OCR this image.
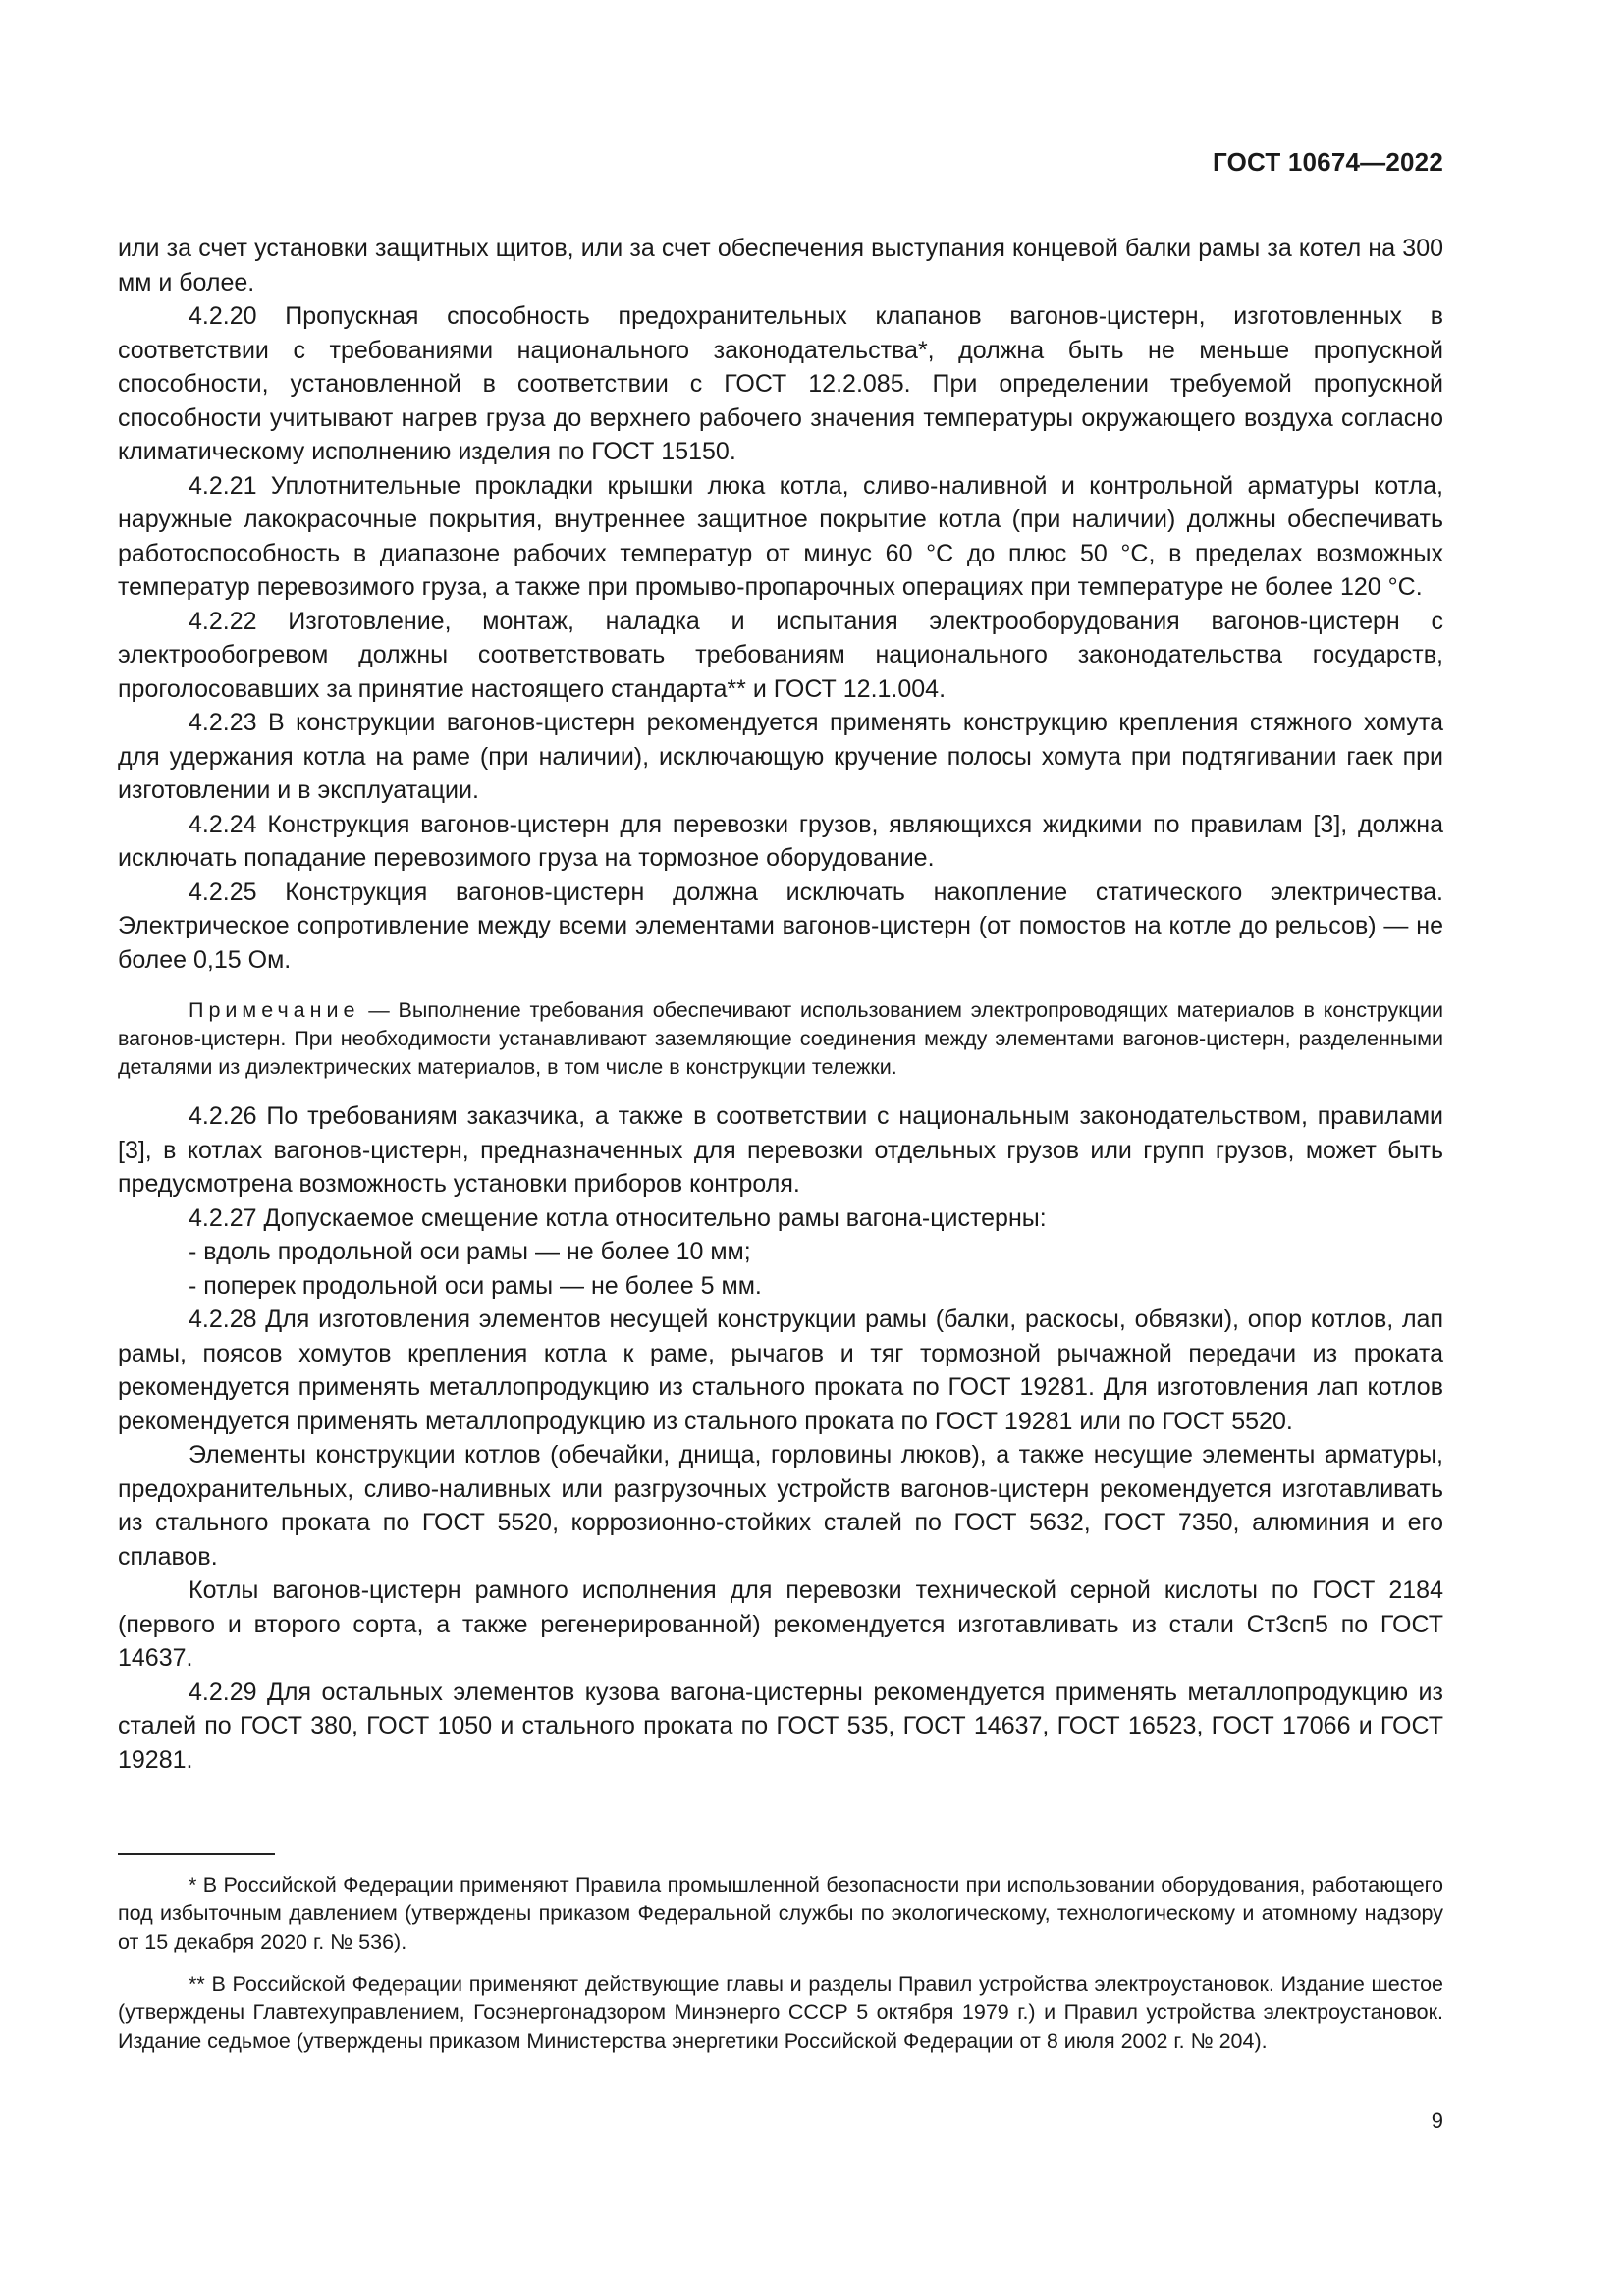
ГОСТ 10674—2022

или за счет установки защитных щитов, или за счет обеспечения выступания концевой балки рамы за котел на 300 мм и более.

4.2.20 Пропускная способность предохранительных клапанов вагонов-цистерн, изготовленных в соответствии с требованиями национального законодательства*, должна быть не меньше пропускной способности, установленной в соответствии с ГОСТ 12.2.085. При определении требуемой пропускной способности учитывают нагрев груза до верхнего рабочего значения температуры окружающего воздуха согласно климатическому исполнению изделия по ГОСТ 15150.

4.2.21 Уплотнительные прокладки крышки люка котла, сливо-наливной и контрольной арматуры котла, наружные лакокрасочные покрытия, внутреннее защитное покрытие котла (при наличии) должны обеспечивать работоспособность в диапазоне рабочих температур от минус 60 °С до плюс 50 °С, в пределах возможных температур перевозимого груза, а также при промыво-пропарочных операциях при температуре не более 120 °С.

4.2.22 Изготовление, монтаж, наладка и испытания электрооборудования вагонов-цистерн с электрообогревом должны соответствовать требованиям национального законодательства государств, проголосовавших за принятие настоящего стандарта** и ГОСТ 12.1.004.

4.2.23 В конструкции вагонов-цистерн рекомендуется применять конструкцию крепления стяжного хомута для удержания котла на раме (при наличии), исключающую кручение полосы хомута при подтягивании гаек при изготовлении и в эксплуатации.

4.2.24 Конструкция вагонов-цистерн для перевозки грузов, являющихся жидкими по правилам [3], должна исключать попадание перевозимого груза на тормозное оборудование.

4.2.25 Конструкция вагонов-цистерн должна исключать накопление статического электричества. Электрическое сопротивление между всеми элементами вагонов-цистерн (от помостов на котле до рельсов) — не более 0,15 Ом.

Примечание — Выполнение требования обеспечивают использованием электропроводящих материалов в конструкции вагонов-цистерн. При необходимости устанавливают заземляющие соединения между элементами вагонов-цистерн, разделенными деталями из диэлектрических материалов, в том числе в конструкции тележки.

4.2.26 По требованиям заказчика, а также в соответствии с национальным законодательством, правилами [3], в котлах вагонов-цистерн, предназначенных для перевозки отдельных грузов или групп грузов, может быть предусмотрена возможность установки приборов контроля.

4.2.27 Допускаемое смещение котла относительно рамы вагона-цистерны:

- вдоль продольной оси рамы — не более 10 мм;

- поперек продольной оси рамы — не более 5 мм.

4.2.28 Для изготовления элементов несущей конструкции рамы (балки, раскосы, обвязки), опор котлов, лап рамы, поясов хомутов крепления котла к раме, рычагов и тяг тормозной рычажной передачи из проката рекомендуется применять металлопродукцию из стального проката по ГОСТ 19281. Для изготовления лап котлов рекомендуется применять металлопродукцию из стального проката по ГОСТ 19281 или по ГОСТ 5520.

Элементы конструкции котлов (обечайки, днища, горловины люков), а также несущие элементы арматуры, предохранительных, сливо-наливных или разгрузочных устройств вагонов-цистерн рекомендуется изготавливать из стального проката по ГОСТ 5520, коррозионно-стойких сталей по ГОСТ 5632, ГОСТ 7350, алюминия и его сплавов.

Котлы вагонов-цистерн рамного исполнения для перевозки технической серной кислоты по ГОСТ 2184 (первого и второго сорта, а также регенерированной) рекомендуется изготавливать из стали Ст3сп5 по ГОСТ 14637.

4.2.29 Для остальных элементов кузова вагона-цистерны рекомендуется применять металлопродукцию из сталей по ГОСТ 380, ГОСТ 1050 и стального проката по ГОСТ 535, ГОСТ 14637, ГОСТ 16523, ГОСТ 17066 и ГОСТ 19281.

* В Российской Федерации применяют Правила промышленной безопасности при использовании оборудования, работающего под избыточным давлением (утверждены приказом Федеральной службы по экологическому, технологическому и атомному надзору от 15 декабря 2020 г. № 536).

** В Российской Федерации применяют действующие главы и разделы Правил устройства электроустановок. Издание шестое (утверждены Главтехуправлением, Госэнергонадзором Минэнерго СССР 5 октября 1979 г.) и Правил устройства электроустановок. Издание седьмое (утверждены приказом Министерства энергетики Российской Федерации от 8 июля 2002 г. № 204).

9
